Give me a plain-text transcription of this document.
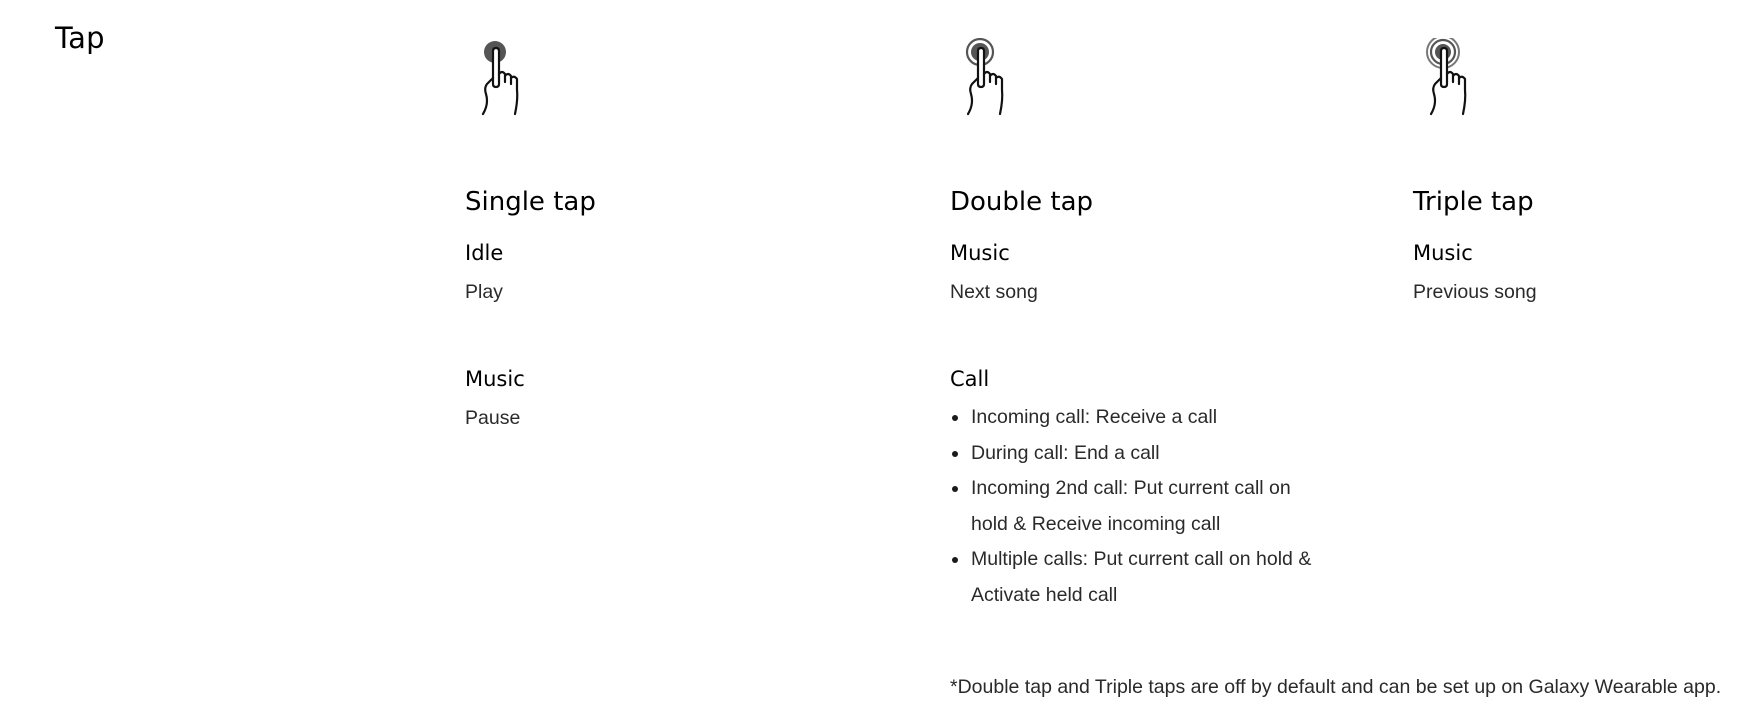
Tap
Single tap

Idle

Play

Music

Pause

Double tap

Music

Next song

Call

Incoming call: Receive a call
During call: End a call
Incoming 2nd call: Put current call on hold & Receive incoming call
Multiple calls: Put current call on hold & Activate held call
Triple tap

Music

Previous song

*Double tap and Triple taps are off by default and can be set up on Galaxy Wearable app.
